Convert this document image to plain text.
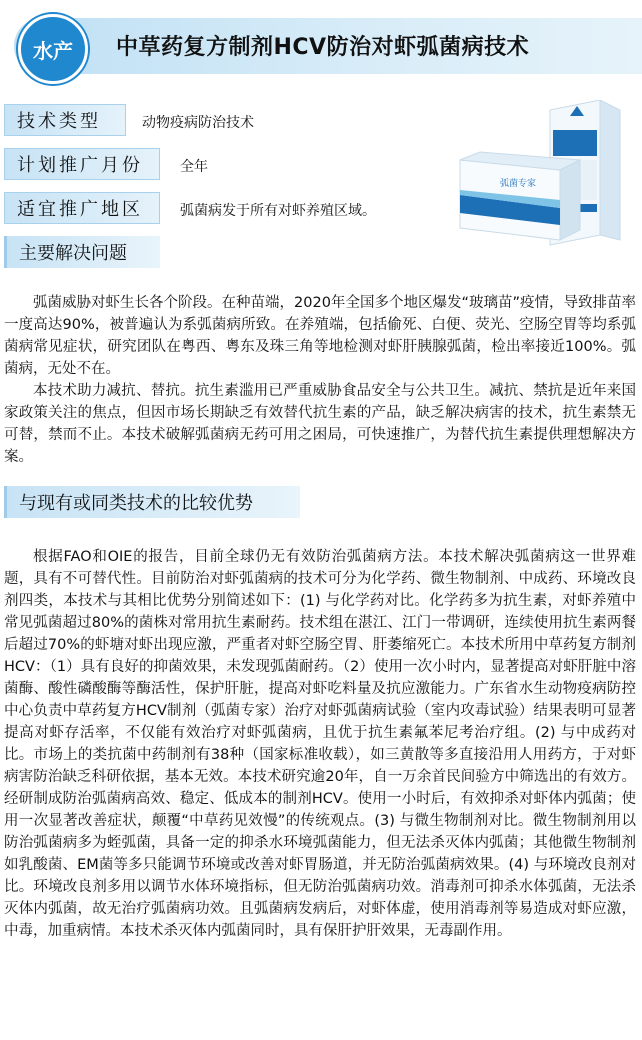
水产	中草药复方制剂HCV防治对虾弧菌病技术
技术类型	动物疫病防治技术
计划推广月份	全年
适宜推广地区	弧菌病发于所有对虾养殖区域。
弧菌专家
主要解决问题

弧菌威胁对虾生长各个阶段。在种苗端，2020年全国多个地区爆发“玻璃苗”疫情，导致排苗率一度高达90%，被普遍认为系弧菌病所致。在养殖端，包括偷死、白便、荧光、空肠空胃等均系弧菌病常见症状，研究团队在粤西、粤东及珠三角等地检测对虾肝胰腺弧菌，检出率接近100%。弧菌病，无处不在。

本技术助力减抗、替抗。抗生素滥用已严重威胁食品安全与公共卫生。减抗、禁抗是近年来国家政策关注的焦点，但因市场长期缺乏有效替代抗生素的产品，缺乏解决病害的技术，抗生素禁无可替，禁而不止。本技术破解弧菌病无药可用之困局，可快速推广，为替代抗生素提供理想解决方案。

与现有或同类技术的比较优势

根据FAO和OIE的报告，目前全球仍无有效防治弧菌病方法。本技术解决弧菌病这一世界难题，具有不可替代性。目前防治对虾弧菌病的技术可分为化学药、微生物制剂、中成药、环境改良剂四类，本技术与其相比优势分别简述如下：(1) 与化学药对比。化学药多为抗生素，对虾养殖中常见弧菌超过80%的菌株对常用抗生素耐药。技术组在湛江、江门一带调研，连续使用抗生素两餐后超过70%的虾塘对虾出现应激，严重者对虾空肠空胃、肝萎缩死亡。本技术所用中草药复方制剂HCV：（1）具有良好的抑菌效果，未发现弧菌耐药。（2）使用一次小时内，显著提高对虾肝脏中溶菌酶、酸性磷酸酶等酶活性，保护肝脏，提高对虾吃料量及抗应激能力。广东省水生动物疫病防控中心负责中草药复方HCV制剂（弧菌专家）治疗对虾弧菌病试验（室内攻毒试验）结果表明可显著提高对虾存活率，不仅能有效治疗对虾弧菌病，且优于抗生素氟苯尼考治疗组。(2) 与中成药对比。市场上的类抗菌中药制剂有38种（国家标准收载），如三黄散等多直接沿用人用药方，于对虾病害防治缺乏科研依据，基本无效。本技术研究逾20年，自一万余首民间验方中筛选出的有效方。经研制成防治弧菌病高效、稳定、低成本的制剂HCV。使用一小时后，有效抑杀对虾体内弧菌；使用一次显著改善症状，颠覆“中草药见效慢”的传统观点。(3) 与微生物制剂对比。微生物制剂用以防治弧菌病多为蛭弧菌，具备一定的抑杀水环境弧菌能力，但无法杀灭体内弧菌；其他微生物制剂如乳酸菌、EM菌等多只能调节环境或改善对虾胃肠道，并无防治弧菌病效果。(4) 与环境改良剂对比。环境改良剂多用以调节水体环境指标，但无防治弧菌病功效。消毒剂可抑杀水体弧菌，无法杀灭体内弧菌，故无治疗弧菌病功效。且弧菌病发病后，对虾体虚，使用消毒剂等易造成对虾应激，中毒，加重病情。本技术杀灭体内弧菌同时，具有保肝护肝效果，无毒副作用。
